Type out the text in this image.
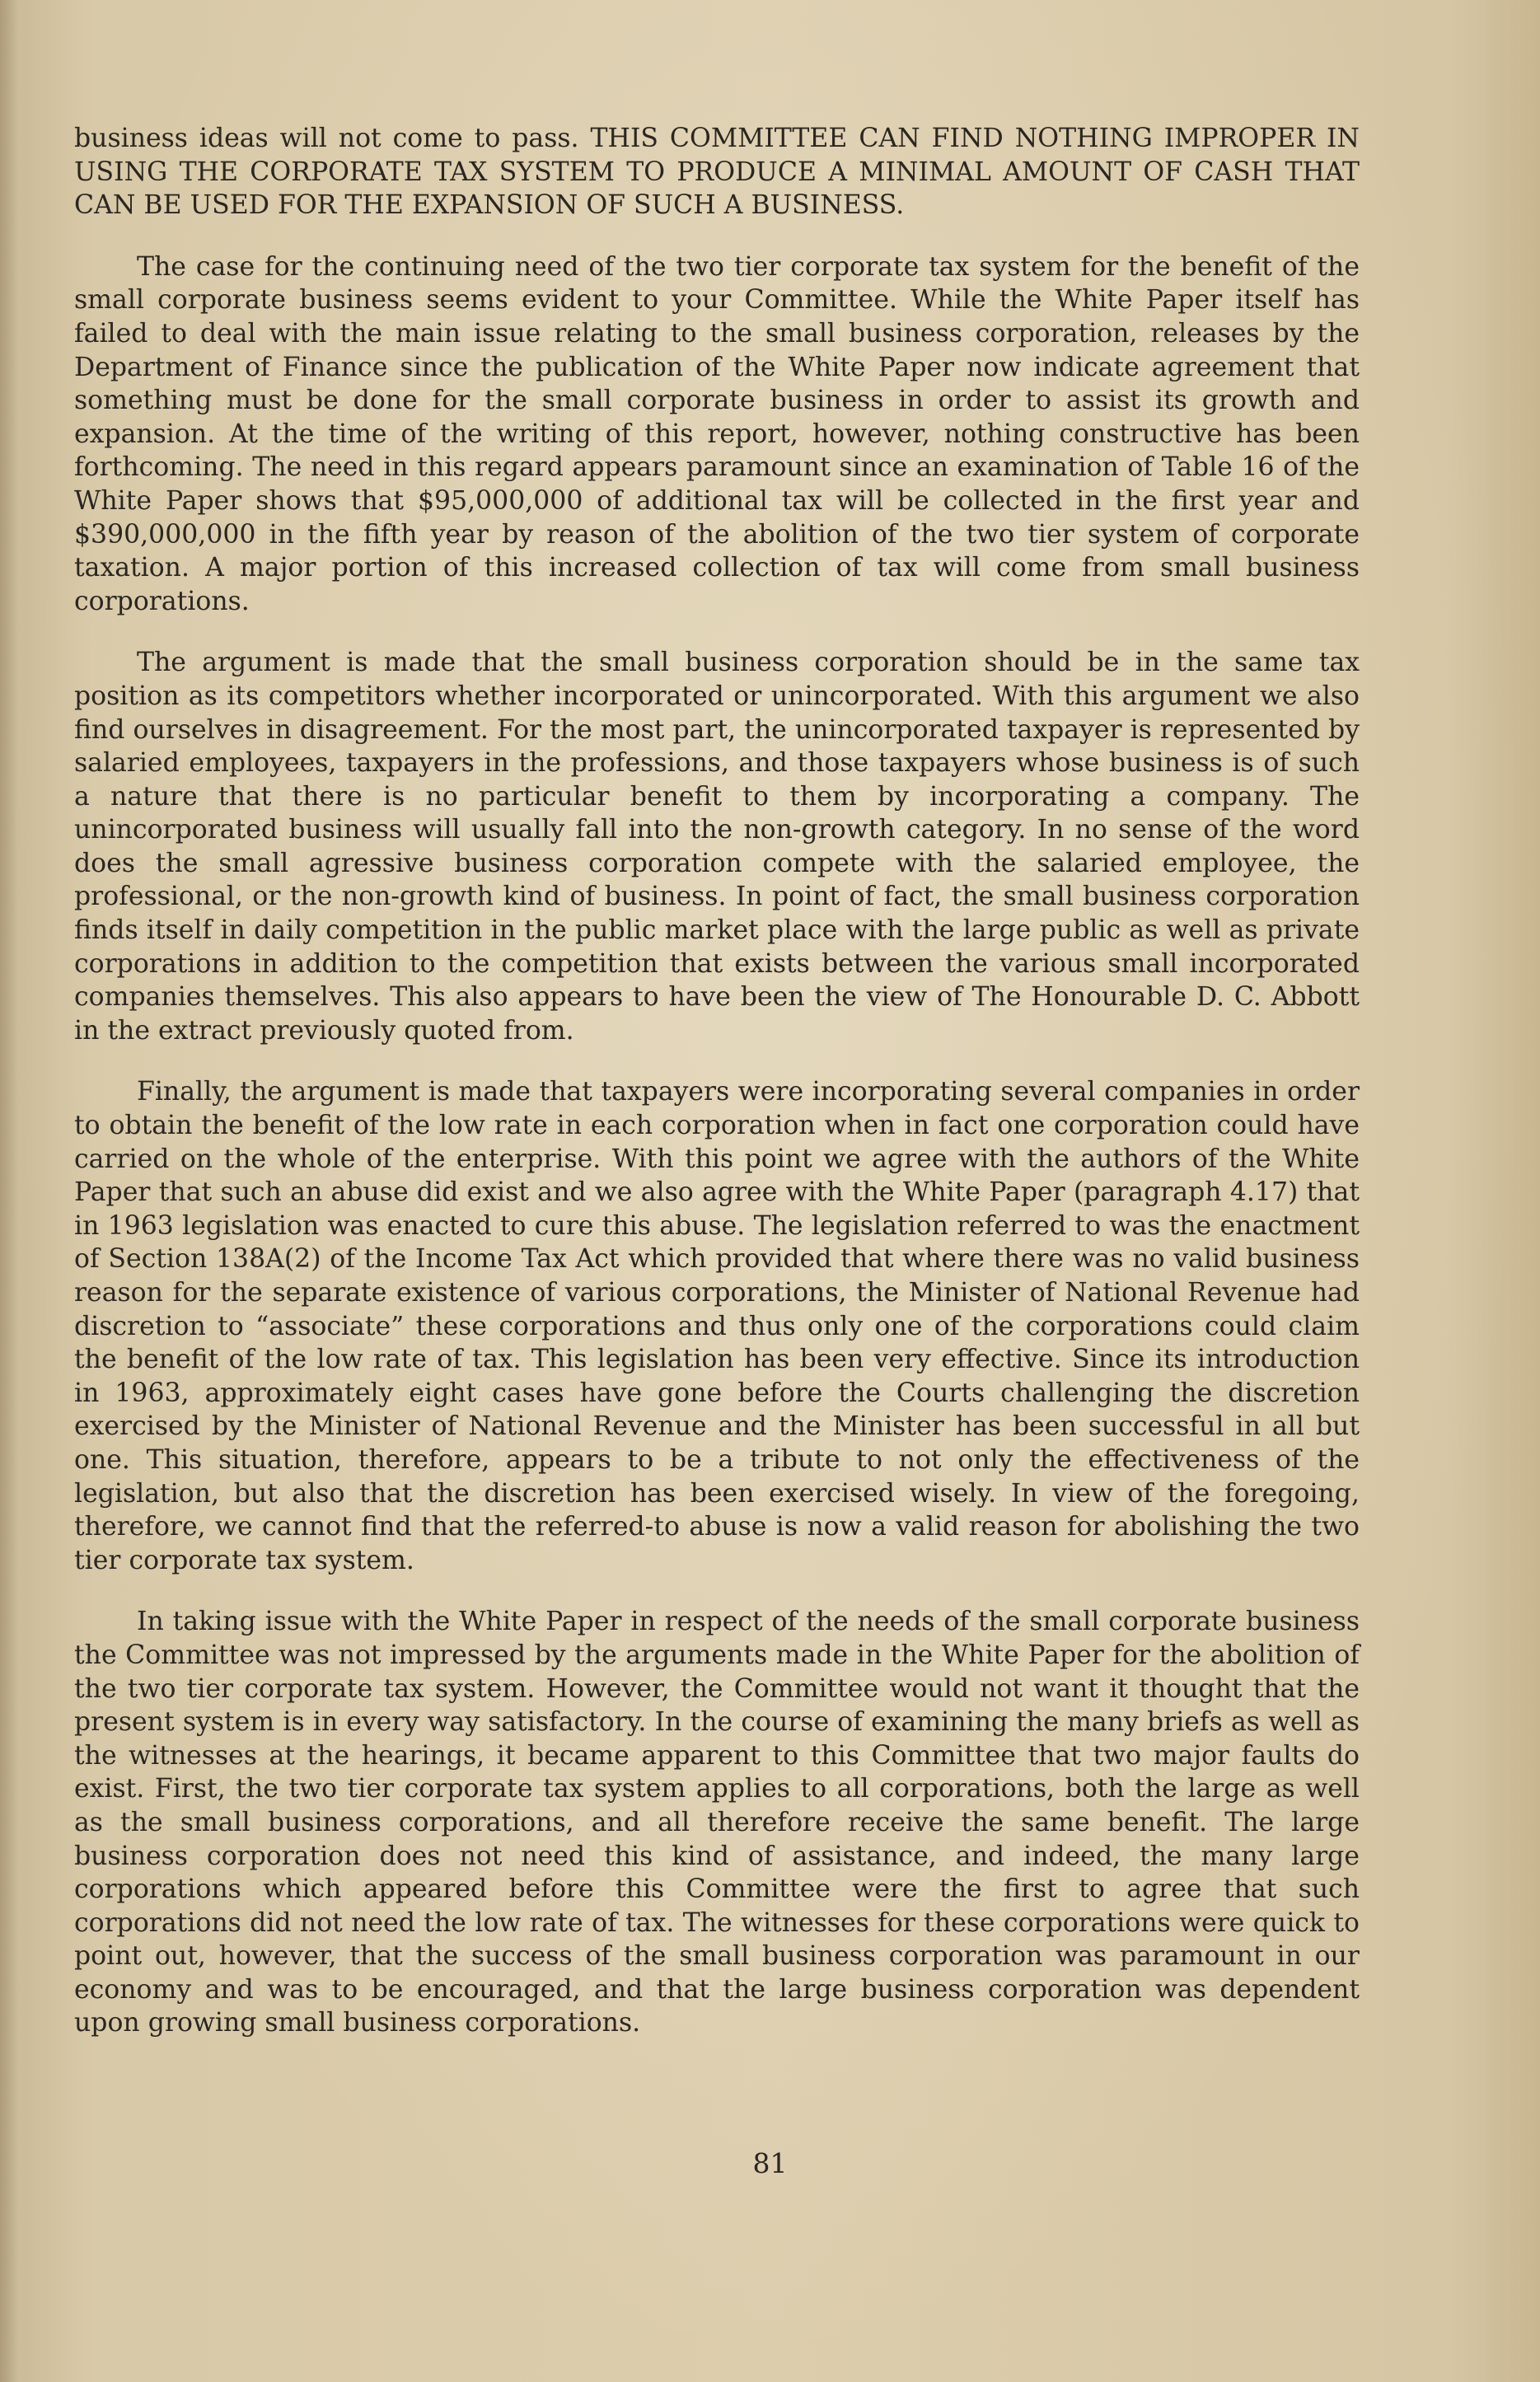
business ideas will not come to pass. THIS COMMITTEE CAN FIND NOTHING IMPROPER IN USING THE CORPORATE TAX SYSTEM TO PRODUCE A MINIMAL AMOUNT OF CASH THAT CAN BE USED FOR THE EXPANSION OF SUCH A BUSINESS.

The case for the continuing need of the two tier corporate tax system for the benefit of the small corporate business seems evident to your Committee. While the White Paper itself has failed to deal with the main issue relating to the small business corporation, releases by the Department of Finance since the publication of the White Paper now indicate agreement that something must be done for the small corporate business in order to assist its growth and expansion. At the time of the writing of this report, however, nothing constructive has been forthcoming. The need in this regard appears paramount since an examination of Table 16 of the White Paper shows that $95,000,000 of additional tax will be collected in the first year and $390,000,000 in the fifth year by reason of the abolition of the two tier system of corporate taxation. A major portion of this increased collection of tax will come from small business corporations.

The argument is made that the small business corporation should be in the same tax position as its competitors whether incorporated or unincorporated. With this argument we also find ourselves in disagreement. For the most part, the unincorporated taxpayer is represented by salaried employees, taxpayers in the professions, and those taxpayers whose business is of such a nature that there is no particular benefit to them by incorporating a company. The unincorporated business will usually fall into the non-growth category. In no sense of the word does the small agressive business corporation compete with the salaried employee, the professional, or the non-growth kind of business. In point of fact, the small business corporation finds itself in daily competition in the public market place with the large public as well as private corporations in addition to the competition that exists between the various small incorporated companies themselves. This also appears to have been the view of The Honourable D. C. Abbott in the extract previously quoted from.

Finally, the argument is made that taxpayers were incorporating several companies in order to obtain the benefit of the low rate in each corporation when in fact one corporation could have carried on the whole of the enterprise. With this point we agree with the authors of the White Paper that such an abuse did exist and we also agree with the White Paper (paragraph 4.17) that in 1963 legislation was enacted to cure this abuse. The legislation referred to was the enactment of Section 138A(2) of the Income Tax Act which provided that where there was no valid business reason for the separate existence of various corporations, the Minister of National Revenue had discretion to “associate” these corporations and thus only one of the corporations could claim the benefit of the low rate of tax. This legislation has been very effective. Since its introduction in 1963, approximately eight cases have gone before the Courts challenging the discretion exercised by the Minister of National Revenue and the Minister has been successful in all but one. This situation, therefore, appears to be a tribute to not only the effectiveness of the legislation, but also that the discretion has been exercised wisely. In view of the foregoing, therefore, we cannot find that the referred-to abuse is now a valid reason for abolishing the two tier corporate tax system.

In taking issue with the White Paper in respect of the needs of the small corporate business the Committee was not impressed by the arguments made in the White Paper for the abolition of the two tier corporate tax system. However, the Committee would not want it thought that the present system is in every way satisfactory. In the course of examining the many briefs as well as the witnesses at the hearings, it became apparent to this Committee that two major faults do exist. First, the two tier corporate tax system applies to all corporations, both the large as well as the small business corporations, and all therefore receive the same benefit. The large business corporation does not need this kind of assistance, and indeed, the many large corporations which appeared before this Committee were the first to agree that such corporations did not need the low rate of tax. The witnesses for these corporations were quick to point out, however, that the success of the small business corporation was paramount in our economy and was to be encouraged, and that the large business corporation was dependent upon growing small business corporations.

81
